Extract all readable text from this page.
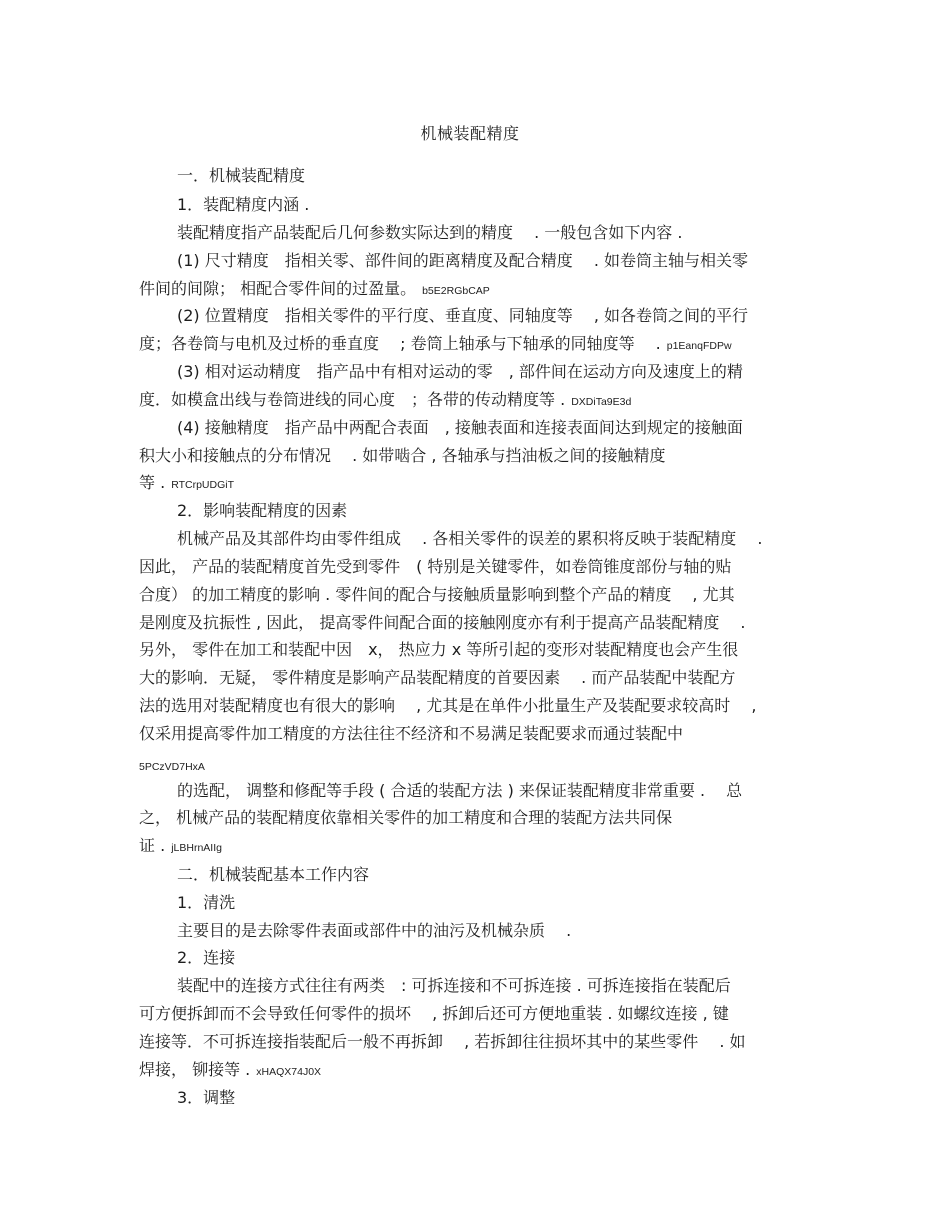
机械装配精度
一．机械装配精度
1．装配精度内涵 .
装配精度指产品装配后几何参数实际达到的精度　 . 一般包含如下内容 .
(1) 尺寸精度　指相关零、部件间的距离精度及配合精度　 . 如卷筒主轴与相关零
件间的间隙； 相配合零件间的过盈量。 b5E2RGbCAP
(2) 位置精度　指相关零件的平行度、垂直度、同轴度等　 , 如各卷筒之间的平行
度；各卷筒与电机及过桥的垂直度　 ; 卷筒上轴承与下轴承的同轴度等　 . p1EanqFDPw
(3) 相对运动精度　指产品中有相对运动的零　, 部件间在运动方向及速度上的精
度．如模盒出线与卷筒进线的同心度　；各带的传动精度等 . DXDiTa9E3d
(4) 接触精度　指产品中两配合表面　, 接触表面和连接表面间达到规定的接触面
积大小和接触点的分布情况　 . 如带啮合 , 各轴承与挡油板之间的接触精度
等 . RTCrpUDGiT
2．影响装配精度的因素
机械产品及其部件均由零件组成　 . 各相关零件的误差的累积将反映于装配精度　 .
因此， 产品的装配精度首先受到零件　( 特别是关键零件，如卷筒锥度部份与轴的贴
合度） 的加工精度的影响 . 零件间的配合与接触质量影响到整个产品的精度　 , 尤其
是刚度及抗振性 , 因此， 提高零件间配合面的接触刚度亦有利于提高产品装配精度　 .
另外， 零件在加工和装配中因　x， 热应力 x 等所引起的变形对装配精度也会产生很
大的影响．无疑， 零件精度是影响产品装配精度的首要因素　 . 而产品装配中装配方
法的选用对装配精度也有很大的影响　 , 尤其是在单件小批量生产及装配要求较高时　 ,
仅采用提高零件加工精度的方法往往不经济和不易满足装配要求而通过装配中
5PCzVD7HxA
的选配， 调整和修配等手段 ( 合适的装配方法 ) 来保证装配精度非常重要 .　 总
之， 机械产品的装配精度依靠相关零件的加工精度和合理的装配方法共同保
证 . jLBHrnAIIg
二．机械装配基本工作内容
1．清洗
主要目的是去除零件表面或部件中的油污及机械杂质　 .
2．连接
装配中的连接方式往往有两类　: 可拆连接和不可拆连接 . 可拆连接指在装配后
可方便拆卸而不会导致任何零件的损坏　 , 拆卸后还可方便地重装 . 如螺纹连接 , 键
连接等．不可拆连接指装配后一般不再拆卸　 , 若拆卸往往损坏其中的某些零件　 . 如
焊接， 铆接等 . xHAQX74J0X
3．调整
